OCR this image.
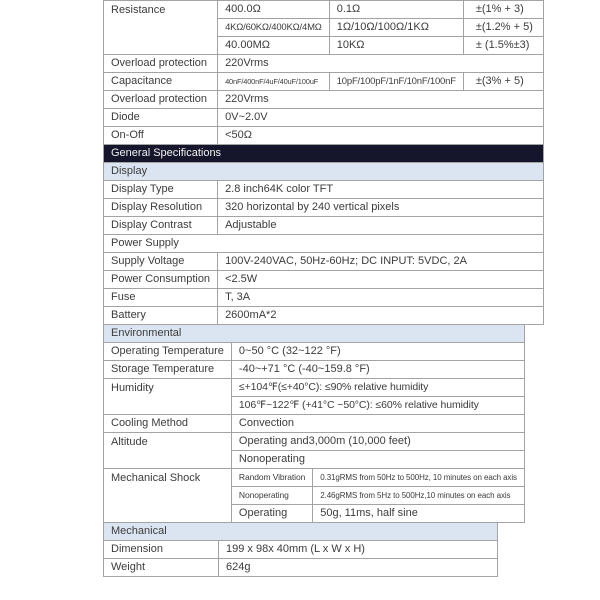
Resistance	400.0Ω	0.1Ω	±(1% + 3)
	4KΩ/60KΩ/400KΩ/4MΩ	1Ω/10Ω/100Ω/1KΩ	±(1.2% + 5)
	40.00MΩ	10KΩ	± (1.5%±3)
Overload protection	220Vrms		
Capacitance	40nF/400nF/4uF/40uF/100uF	10pF/100pF/1nF/10nF/100nF	±(3% + 5)
Overload protection	220Vrms		
Diode	0V~2.0V		
On-Off	<50Ω		
General Specifications			
Display			
Display Type	2.8 inch64K color TFT		
Display Resolution	320 horizontal by 240 vertical pixels		
Display Contrast	Adjustable		
Power Supply			
Supply Voltage	100V-240VAC, 50Hz-60Hz; DC INPUT: 5VDC, 2A		
Power Consumption	<2.5W		
Fuse	T, 3A		
Battery	2600mA*2		
Environmental		
Operating Temperature	0~50 °C (32~122 °F)	
Storage Temperature	-40~+71 °C (-40~159.8 °F)	
Humidity	≤+104℉(≤+40°C): ≤90% relative humidity	
	106℉~122℉ (+41°C ~50°C): ≤60% relative humidity	
Cooling Method	Convection	
Altitude	Operating and3,000m (10,000 feet)	
	Nonoperating	
Mechanical Shock	Random Vibration	0.31gRMS from 50Hz to 500Hz, 10 minutes on each axis
	Nonoperating	2.46gRMS from 5Hz to 500Hz,10 minutes on each axis
	Operating	50g, 11ms, half sine
Mechanical	
Dimension	199 x 98x 40mm (L x W x H)
Weight	624g
